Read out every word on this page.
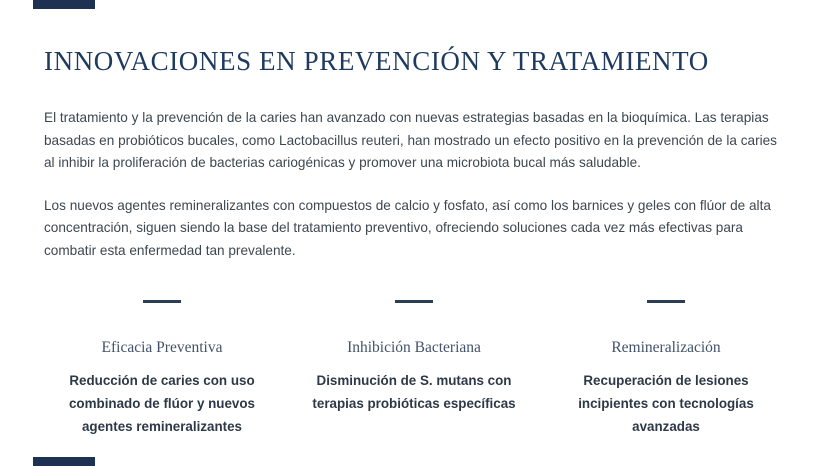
INNOVACIONES EN PREVENCIÓN Y TRATAMIENTO

El tratamiento y la prevención de la caries han avanzado con nuevas estrategias basadas en la bioquímica. Las terapias basadas en probióticos bucales, como Lactobacillus reuteri, han mostrado un efecto positivo en la prevención de la caries al inhibir la proliferación de bacterias cariogénicas y promover una microbiota bucal más saludable.

Los nuevos agentes remineralizantes con compuestos de calcio y fosfato, así como los barnices y geles con flúor de alta concentración, siguen siendo la base del tratamiento preventivo, ofreciendo soluciones cada vez más efectivas para combatir esta enfermedad tan prevalente.

Eficacia Preventiva
Reducción de caries con uso combinado de flúor y nuevos agentes remineralizantes
Inhibición Bacteriana
Disminución de S. mutans con terapias probióticas específicas
Remineralización
Recuperación de lesiones incipientes con tecnologías avanzadas
